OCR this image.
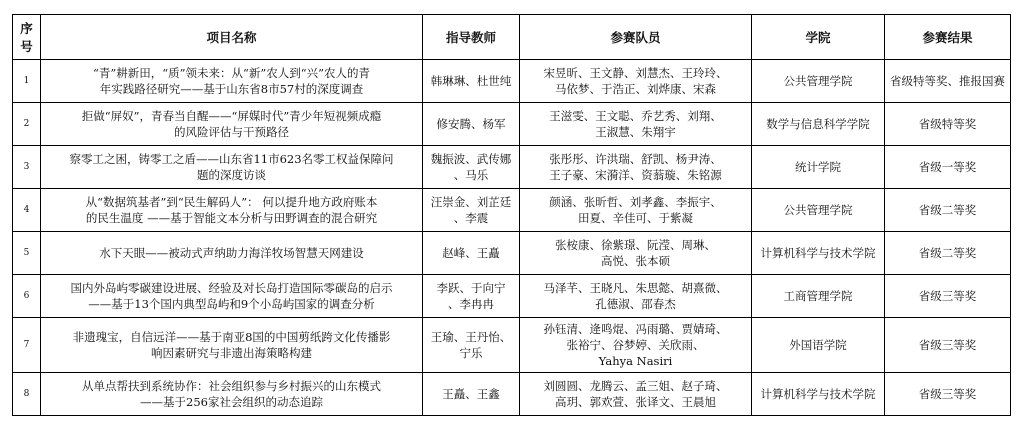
序号	项目名称	指导教师	参赛队员	学院	参赛结果
1	“青”耕新田，“质”领未来：从“新”农人到“兴”农人的青
年实践路径研究——基于山东省8市57村的深度调查	韩琳琳、杜世纯	宋昱昕、王文静、刘慧杰、王玲玲、
马依梦、于浩正、刘烨康、宋森	公共管理学院	省级特等奖、推报国赛
2	拒做“屏奴”，青春当自醒——“屏媒时代”青少年短视频成瘾
的风险评估与干预路径	修安腾、杨军	王滋雯、王文聪、乔艺秀、刘翔、
王淑慧、朱翔宇	数学与信息科学学院	省级特等奖
3	察零工之困，铸零工之盾——山东省11市623名零工权益保障问
题的深度访谈	魏振波、武传娜
、马乐	张彤彤、许洪瑞、舒凯、杨尹涛、
王子豪、宋漪洋、资蓊璇、朱铭源	统计学院	省级一等奖
4	从“数据筑基者”到“民生解码人”： 何以提升地方政府账本
的民生温度 ——基于智能文本分析与田野调查的混合研究	汪崇金、刘芷廷
、李震	颜涵、张昕哲、刘孝鑫、李振宇、
田夏、辛佳可、于紫凝	公共管理学院	省级二等奖
5	水下天眼——被动式声纳助力海洋牧场智慧天网建设	赵峰、王矗	张桉康、徐紫璟、阮滢、周琳、
高悦、张本硕	计算机科学与技术学院	省级二等奖
6	国内外岛屿零碳建设进展、经验及对长岛打造国际零碳岛的启示
——基于13个国内典型岛屿和9个小岛屿国家的调查分析	李跃、于向宁
、李冉冉	马泽芊、王晓凡、朱思懿、胡熹微、
孔德淑、邵春杰	工商管理学院	省级三等奖
7	非遗瑰宝，自信远洋——基于南亚8国的中国剪纸跨文化传播影
响因素研究与非遗出海策略构建	王瑜、王丹怡、
宁乐	孙钰清、逄鸣焜、冯雨璐、贾婧琦、
张裕宁、谷梦婷、关欣雨、
Yahya Nasiri	外国语学院	省级三等奖
8	从单点帮扶到系统协作：社会组织参与乡村振兴的山东模式
——基于256家社会组织的动态追踪	王矗、王鑫	刘圆圆、龙腾云、孟三姐、赵子琦、
高玥、郭欢萱、张译文、王晨旭	计算机科学与技术学院	省级三等奖
